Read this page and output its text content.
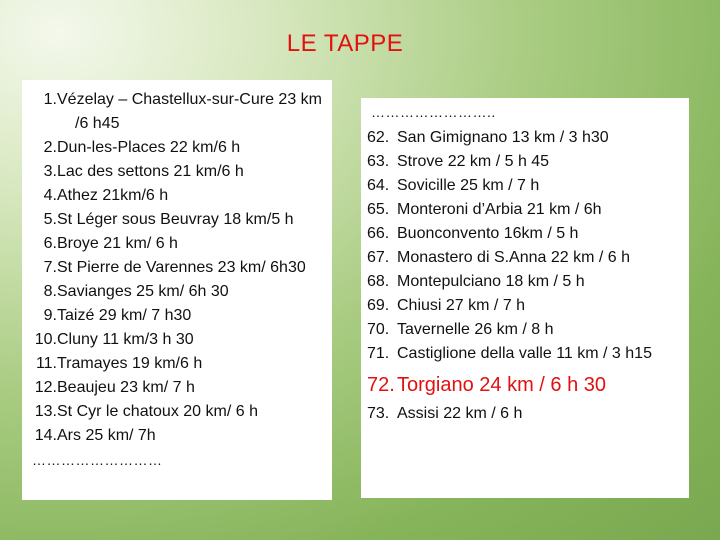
LE TAPPE
1. Vézelay – Chastellux-sur-Cure 23 km /6 h45
2. Dun-les-Places 22 km/6 h
3. Lac des settons 21 km/6 h
4. Athez 21km/6 h
5. St Léger sous Beuvray 18 km/5 h
6. Broye 21 km/ 6 h
7. St Pierre de Varennes 23 km/ 6h30
8. Savianges 25 km/ 6h 30
9. Taizé 29 km/ 7 h30
10. Cluny 11 km/3 h 30
11. Tramayes 19 km/6 h
12. Beaujeu 23 km/ 7 h
13. St Cyr le chatoux 20 km/ 6 h
14. Ars 25 km/ 7h
………………………
……………………..
62. San Gimignano 13 km / 3 h30
63. Strove 22 km / 5 h 45
64. Sovicille 25 km / 7 h
65. Monteroni d’Arbia 21 km / 6h
66. Buonconvento 16km / 5 h
67. Monastero di S.Anna 22 km / 6 h
68. Montepulciano 18 km / 5 h
69. Chiusi 27 km / 7 h
70. Tavernelle 26 km / 8 h
71. Castiglione della valle 11 km / 3 h15
72. Torgiano 24 km / 6 h 30
73. Assisi 22 km / 6 h
